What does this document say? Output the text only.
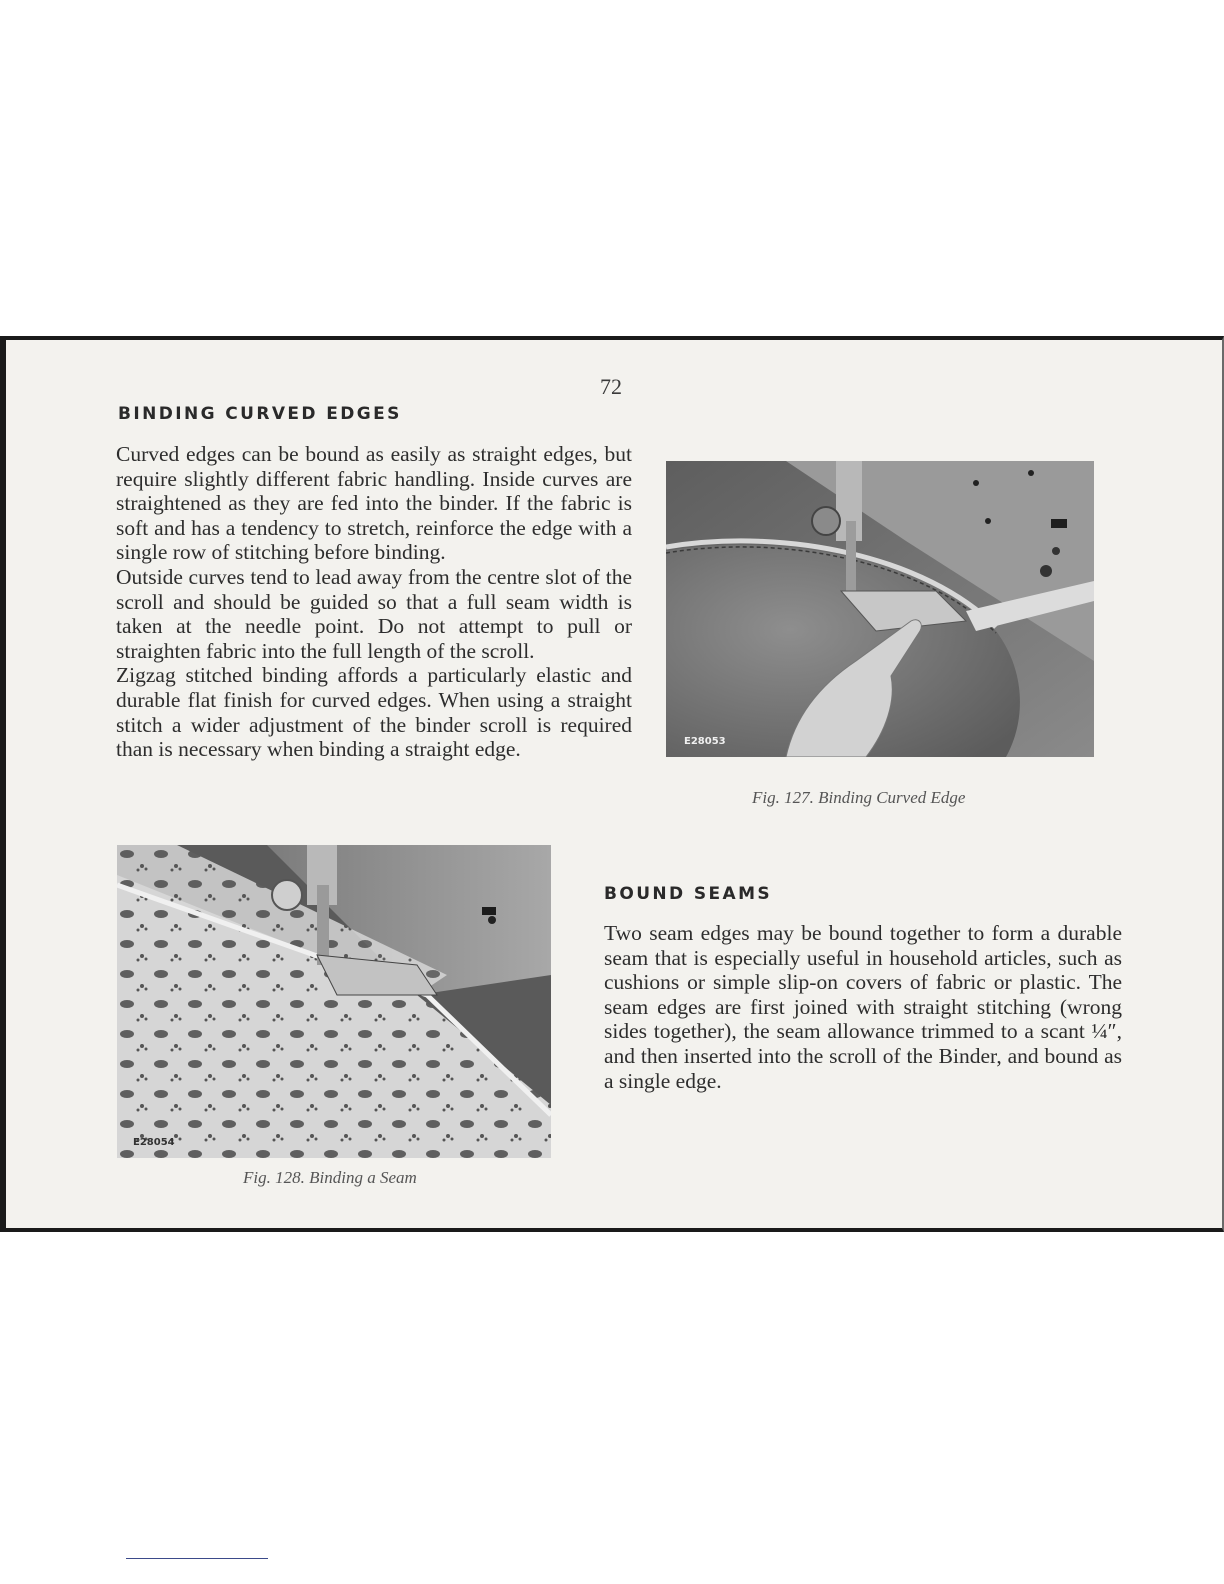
72
BINDING CURVED EDGES

Curved edges can be bound as easily as straight edges, but require slightly different fabric handling. Inside curves are straightened as they are fed into the binder. If the fabric is soft and has a tendency to stretch, reinforce the edge with a single row of stitching before binding.

Outside curves tend to lead away from the centre slot of the scroll and should be guided so that a full seam width is taken at the needle point. Do not attempt to pull or straighten fabric into the full length of the scroll.

Zigzag stitched binding affords a particularly elastic and durable flat finish for curved edges. When using a straight stitch a wider adjustment of the binder scroll is required than is necessary when binding a straight edge.	E28053
Fig. 127. Binding Curved Edge
E28054
Fig. 128. Binding a Seam
BOUND SEAMS

Two seam edges may be bound together to form a durable seam that is especially useful in household articles, such as cushions or simple slip-on covers of fabric or plastic. The seam edges are first joined with straight stitching (wrong sides together), the seam allowance trimmed to a scant ¼″, and then inserted into the scroll of the Binder, and bound as a single edge.
